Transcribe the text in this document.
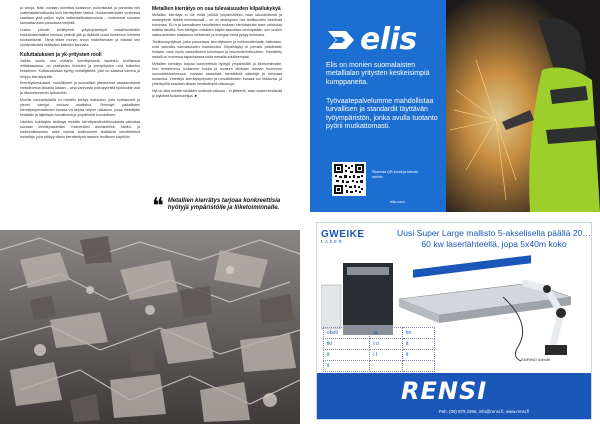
ja virtoja. Näin voidaan toimittaa tuotannon pullonkaulat ja parantaa niin materiaalitehokkuutta kuin kierrätyksen laatua. Hukkamateriaalin vuokrasta saadaan yhtä paljon myös materiaalikustannuksia – molemmat suoraan kannattavuutta parantavia tekijöitä.

Uusiko pilkulle kehittyneet yrityksyhteistyöt metallituotteisiin hukkamateriaalien kiertoon pitävät yllä ja lisäävät uusia tuotannon kohteita tuloksellisesti. Tämä tekee monen arvon määrittämisen ja edistää sen hyödyntämistä lisääväksi kaikkien kannalta.

Kuluttaluksien ja yk-yritysten rooli

Vaikka suurin osa metallin kierrätyksestä tapahtuu teollisessa mittakaavassa, on yksityisten ihmisten ja pienyritysten rooli kuitenkin keskeinen. Kotitalouksissa syntyy metallijätettä, jolle on saatava toimiva ja helppo kierrätysreitti.

Kierrätyskeskukset, romuliikkeet ja kunnalliset jäteasemat vastaanottavat metalliromua laidasta laitaan – aina vanhoista polkupyöristä työkaluihin asti ja rikkoontuneisiin työkaluihin.

Monilla romuyrityksillä on metallin keräys maksuton, jotta kotitaloudet ja pienet toimijat voisivat osallistua. Yhteistyö paikallisten kierrätysoperaattorien kanssa voi tarjota helpon ratkaisun, jossa metallijäte kerätään ja lajitellaan turvallisesti ja ympäristöä kunnioittaen.

Useiden kuluttajien tietämys metallin kierrätysmahdollisuuksista vaikuttaa suoraan kierrätysasteisiin. Esimerkiksi alumiinitölkit, sähkö- ja elektroniikkaromu sekä vanhat kodinkoneet sisältävät kierrätettäviä metalleja, joka päätyy oikein kierrätettynä takaisin teolliseen käyttöön.

Metallien kierrätys on osa tulevaisuuden kilpailukykyä

Metallien kierrätys ei ole enää pelkkä ympäristöteko vaan taloudellisesti ja strategisesti tärkeä toimintamalli – se on strateginen osa teollisuuden kestävää toimintaa. EU:n ja kansallisten tavoitteiden mukaan kiertotaloutta tulee vahvistaa kaikilla tasoilla. Kierrätettyjen metallien käyttö kasvattaa merkitystään, kun uusien raaka-aineiden saatavuus heikkenee ja energian hinta pysyy korkeana.

Teollisuusyritykset, jotka panostavat kierrätykseen ja hukkamateriaalin hallintaan, ovat vahvoilla tulevaisuuden markkinoilla. Kilpailukyky ei perustu pelkästään hintaan, vaan myös vastuulliseen toimintaan ja resurssitehokkuuteen. Kierrätetty metalli on monessa tapauksessa uutta metallia edullisempaa.

Metallien kierrätys tarjoaa konkreettisia hyötyjä ympäristölle ja liiketoiminnalle. Kun metalliromu, tuotannon hukka ja tuotteen elinkaari otetaan huomioon suunnitteluvaiheessa, voidaan saavuttaa merkittäviä säästöjä ja tehostaa tuotantoa. Yhteistyö kierrätysyritysten ja romuliikkeiden kanssa tuo lisäarvoa, ja yhteistyöllä saadaan aikaan kestävämpiä ratkaisuja.

Nyt on aika miettiä metallien uudessa valossa – ei jätteenä, vaan osaksi kestävää ja älykästä tuotantoketjua. ■

❝ Metallien kierrätys tarjoaa konkreettisia hyötyjä ympäristölle ja liiketoiminnalle.
elis
Elis on monien suomalaisten metallialan yritysten keskeisimpiä kumppaneita.
Työvaatepalvelumme mahdollistaa turvallisen ja standardit täyttävän työympäristön, jonka avulla tuotanto pyörii mutkattomasti.
Skannaa QR-koodi ja tutustu meihin
elis.com
GWEIKE
LASER
Uusi Super Large mallisto 5-akselisella päällä 20…60 kw laserlähteellä, jopa 5x40m koko
FAIRINO kobotti
oboti	ta	tio
tki	t o	it
it	i t	it
it		
RENSI
Puh. (09) 879 2266, info@rensi.fi, www.rensi.fi
